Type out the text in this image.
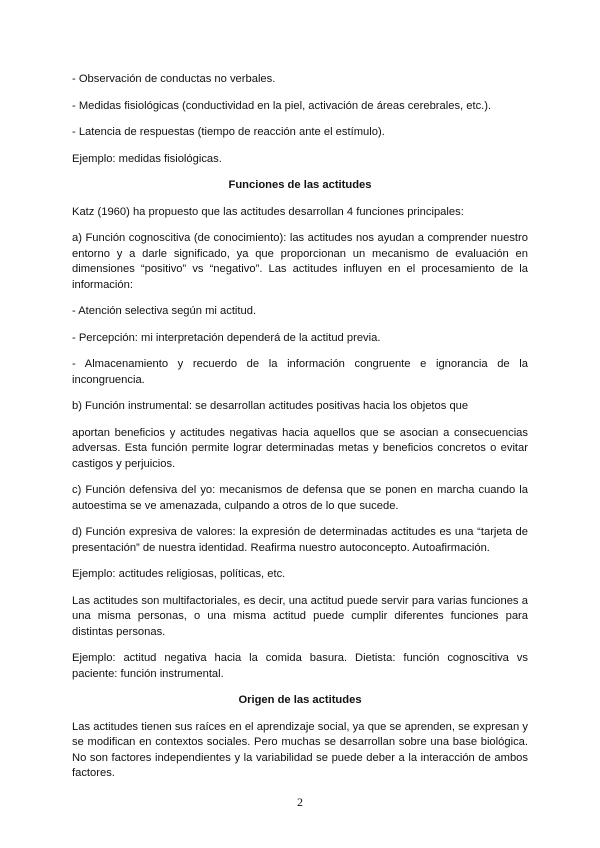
- Observación de conductas no verbales.

- Medidas fisiológicas (conductividad en la piel, activación de áreas cerebrales, etc.).

- Latencia de respuestas (tiempo de reacción ante el estímulo).

Ejemplo: medidas fisiológicas.

Funciones de las actitudes

Katz (1960) ha propuesto que las actitudes desarrollan 4 funciones principales:

a) Función cognoscitiva (de conocimiento): las actitudes nos ayudan a comprender nuestro entorno y a darle significado, ya que proporcionan un mecanismo de evaluación en dimensiones “positivo” vs “negativo”. Las actitudes influyen en el procesamiento de la información:

- Atención selectiva según mi actitud.

- Percepción: mi interpretación dependerá de la actitud previa.

- Almacenamiento y recuerdo de la información congruente e ignorancia de la incongruencia.

b) Función instrumental: se desarrollan actitudes positivas hacia los objetos que

aportan beneficios y actitudes negativas hacia aquellos que se asocian a consecuencias adversas. Esta función permite lograr determinadas metas y beneficios concretos o evitar castigos y perjuicios.

c) Función defensiva del yo: mecanismos de defensa que se ponen en marcha cuando la autoestima se ve amenazada, culpando a otros de lo que sucede.

d) Función expresiva de valores: la expresión de determinadas actitudes es una “tarjeta de presentación” de nuestra identidad. Reafirma nuestro autoconcepto. Autoafirmación.

Ejemplo: actitudes religiosas, políticas, etc.

Las actitudes son multifactoriales, es decir, una actitud puede servir para varias funciones a una misma personas, o una misma actitud puede cumplir diferentes funciones para distintas personas.

Ejemplo: actitud negativa hacia la comida basura. Dietista: función cognoscitiva vs paciente: función instrumental.

Origen de las actitudes

Las actitudes tienen sus raíces en el aprendizaje social, ya que se aprenden, se expresan y se modifican en contextos sociales. Pero muchas se desarrollan sobre una base biológica. No son factores independientes y la variabilidad se puede deber a la interacción de ambos factores.

2
